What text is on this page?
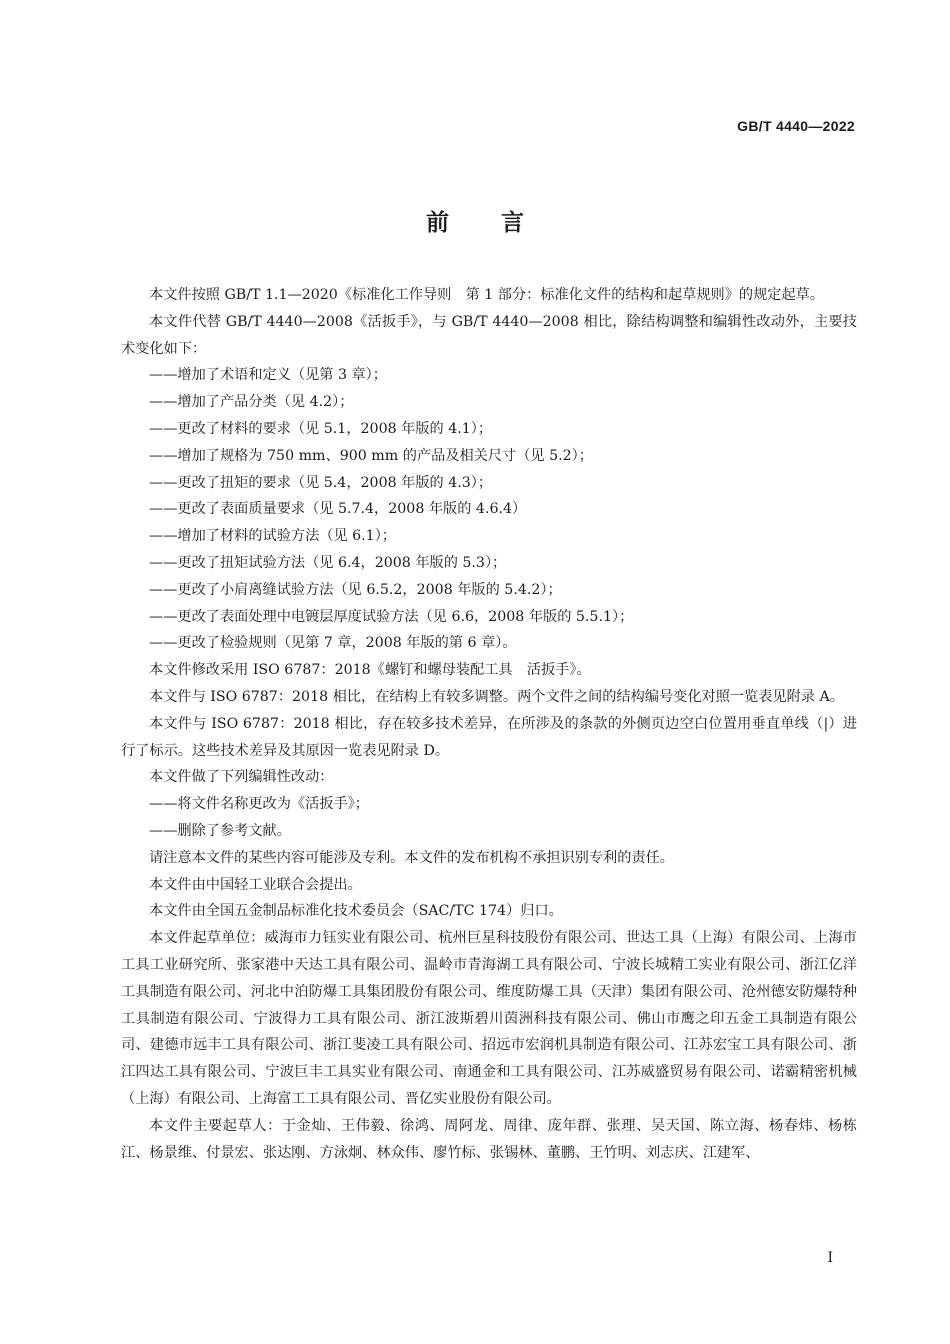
GB/T 4440—2022
前言

本文件按照 GB/T 1.1—2020《标准化工作导则　第 1 部分：标准化文件的结构和起草规则》的规定起草。

本文件代替 GB/T 4440—2008《活扳手》，与 GB/T 4440—2008 相比，除结构调整和编辑性改动外，主要技术变化如下：

——增加了术语和定义（见第 3 章）；

——增加了产品分类（见 4.2）；

——更改了材料的要求（见 5.1，2008 年版的 4.1）；

——增加了规格为 750 mm、900 mm 的产品及相关尺寸（见 5.2）；

——更改了扭矩的要求（见 5.4，2008 年版的 4.3）；

——更改了表面质量要求（见 5.7.4，2008 年版的 4.6.4）

——增加了材料的试验方法（见 6.1）；

——更改了扭矩试验方法（见 6.4，2008 年版的 5.3）；

——更改了小肩离缝试验方法（见 6.5.2，2008 年版的 5.4.2）；

——更改了表面处理中电镀层厚度试验方法（见 6.6，2008 年版的 5.5.1）；

——更改了检验规则（见第 7 章，2008 年版的第 6 章）。

本文件修改采用 ISO 6787：2018《螺钉和螺母装配工具　活扳手》。

本文件与 ISO 6787：2018 相比，在结构上有较多调整。两个文件之间的结构编号变化对照一览表见附录 A。

本文件与 ISO 6787：2018 相比，存在较多技术差异，在所涉及的条款的外侧页边空白位置用垂直单线（|）进行了标示。这些技术差异及其原因一览表见附录 D。

本文件做了下列编辑性改动：

——将文件名称更改为《活扳手》；

——删除了参考文献。

请注意本文件的某些内容可能涉及专利。本文件的发布机构不承担识别专利的责任。

本文件由中国轻工业联合会提出。

本文件由全国五金制品标准化技术委员会（SAC/TC 174）归口。

本文件起草单位：威海市力钰实业有限公司、杭州巨星科技股份有限公司、世达工具（上海）有限公司、上海市工具工业研究所、张家港中天达工具有限公司、温岭市青海湖工具有限公司、宁波长城精工实业有限公司、浙江亿洋工具制造有限公司、河北中泊防爆工具集团股份有限公司、维度防爆工具（天津）集团有限公司、沧州德安防爆特种工具制造有限公司、宁波得力工具有限公司、浙江波斯碧川茵洲科技有限公司、佛山市鹰之印五金工具制造有限公司、建德市远丰工具有限公司、浙江斐凌工具有限公司、招远市宏润机具制造有限公司、江苏宏宝工具有限公司、浙江四达工具有限公司、宁波巨丰工具实业有限公司、南通金和工具有限公司、江苏威盛贸易有限公司、诺霸精密机械（上海）有限公司、上海富工工具有限公司、晋亿实业股份有限公司。

本文件主要起草人：于金灿、王伟毅、徐鸿、周阿龙、周律、庞年群、张理、吴天国、陈立海、杨春炜、杨栋江、杨景维、付景宏、张达刚、方泳炯、林众伟、廖竹标、张锡林、董鹏、王竹明、刘志庆、江建军、

I
